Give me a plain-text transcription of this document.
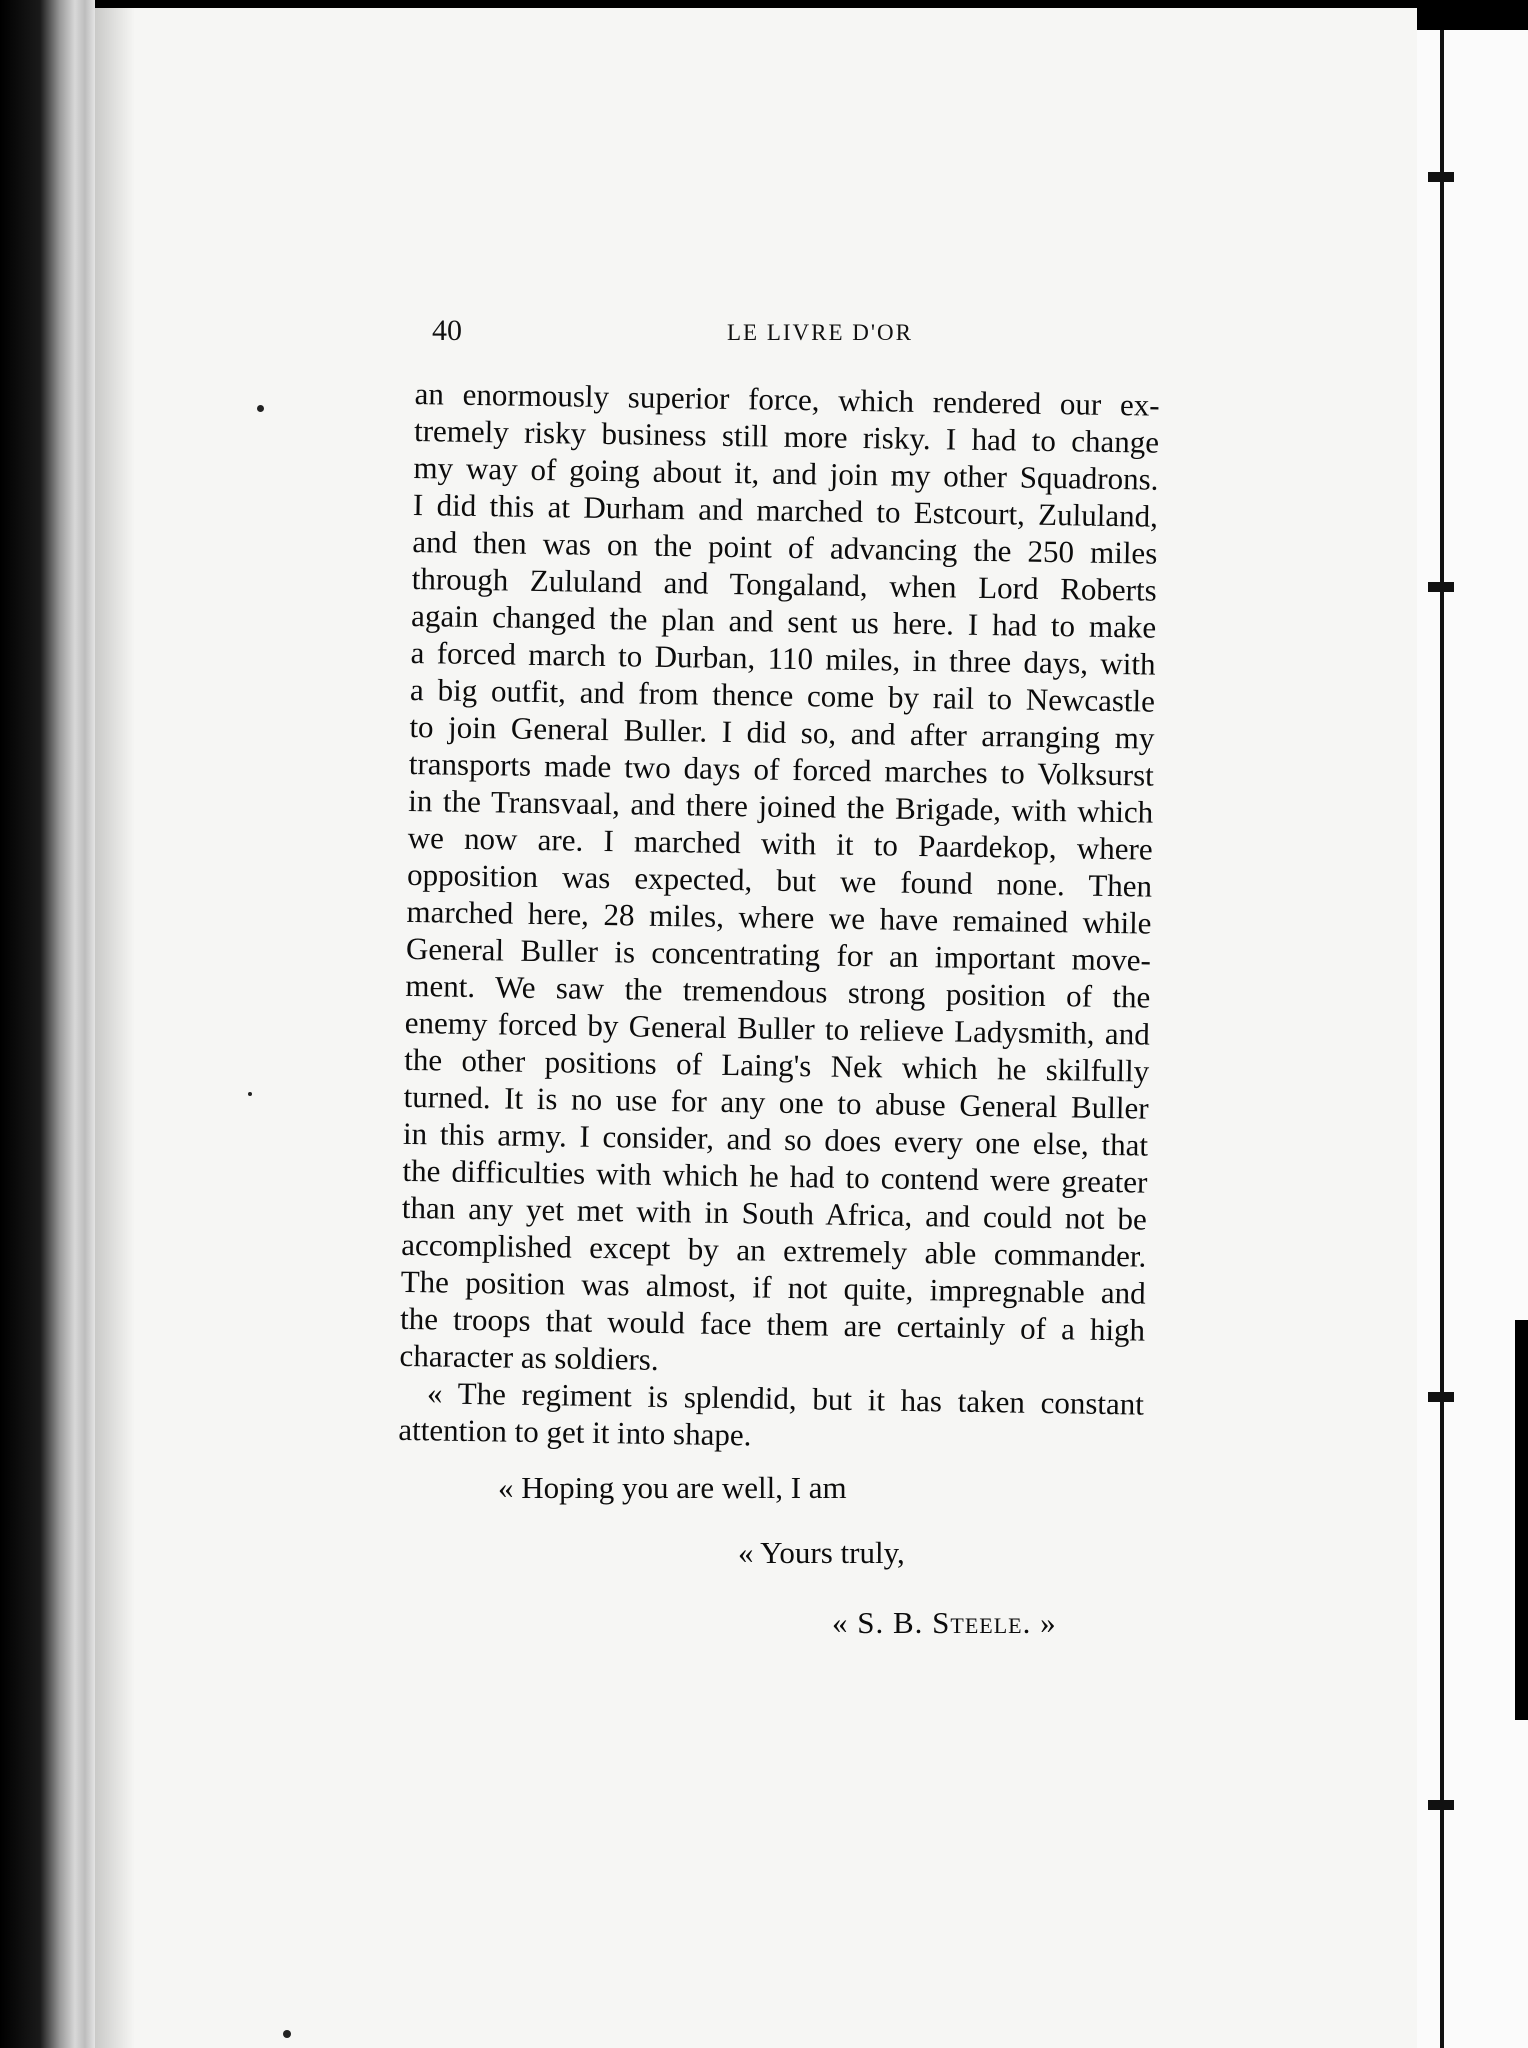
40	LE LIVRE D'OR
an enormously superior force, which rendered our ex-
tremely risky business still more risky. I had to change
my way of going about it, and join my other Squadrons.
I did this at Durham and marched to Estcourt, Zululand,
and then was on the point of advancing the 250 miles
through Zululand and Tongaland, when Lord Roberts
again changed the plan and sent us here. I had to make
a forced march to Durban, 110 miles, in three days, with
a big outfit, and from thence come by rail to Newcastle
to join General Buller. I did so, and after arranging my
transports made two days of forced marches to Volksurst
in the Transvaal, and there joined the Brigade, with which
we now are. I marched with it to Paardekop, where
opposition was expected, but we found none. Then
marched here, 28 miles, where we have remained while
General Buller is concentrating for an important move-
ment. We saw the tremendous strong position of the
enemy forced by General Buller to relieve Ladysmith, and
the other positions of Laing's Nek which he skilfully
turned. It is no use for any one to abuse General Buller
in this army. I consider, and so does every one else, that
the difficulties with which he had to contend were greater
than any yet met with in South Africa, and could not be
accomplished except by an extremely able commander.
The position was almost, if not quite, impregnable and
the troops that would face them are certainly of a high
character as soldiers.
« The regiment is splendid, but it has taken constant
attention to get it into shape.
« Hoping you are well, I am
« Yours truly,
« S. B. Steele. »
